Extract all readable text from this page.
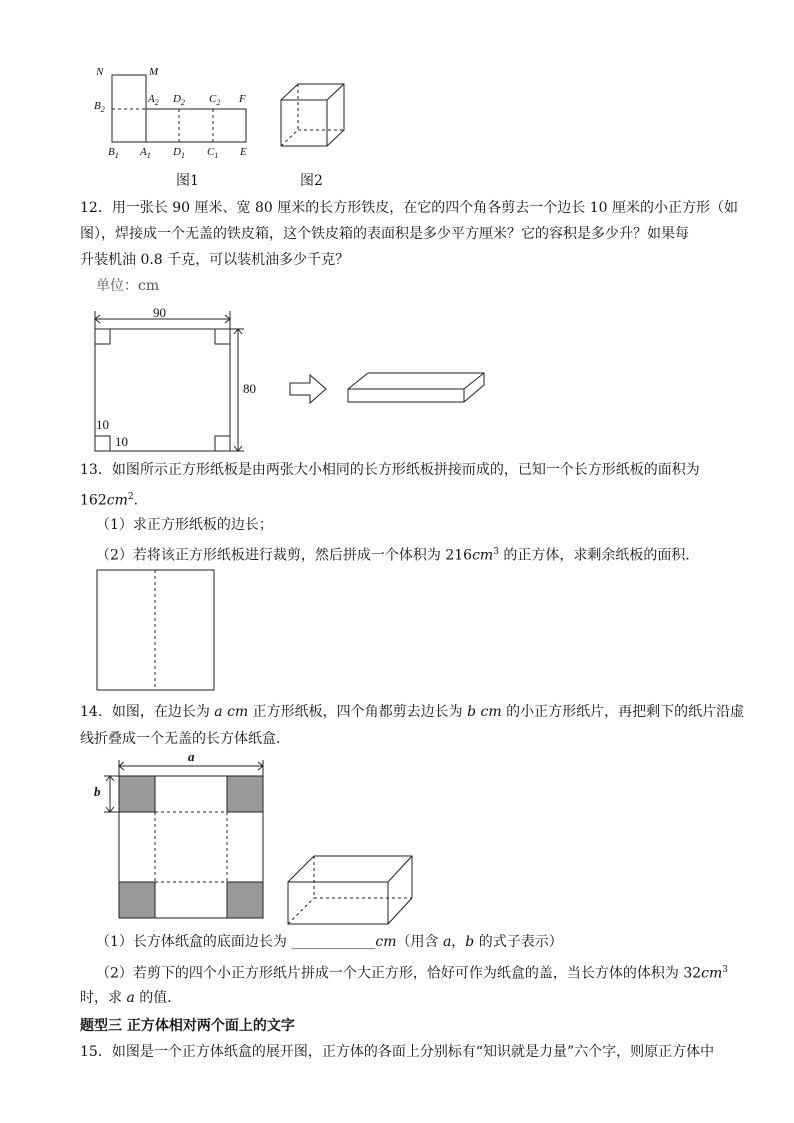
N	M
$B_2$
$A_2$ $D_2$ $C_2$ F
$B_1$ $A_1$ $D_1$ $C_1$ E
图1	图2
12．用一张长 90 厘米、宽 80 厘米的长方形铁皮，在它的四个角各剪去一个边长 10 厘米的小正方形（如
图），焊接成一个无盖的铁皮箱，这个铁皮箱的表面积是多少平方厘米？它的容积是多少升？如果每
升装机油 0.8 千克，可以装机油多少千克？
单位：cm
90
80
10
10
13．如图所示正方形纸板是由两张大小相同的长方形纸板拼接而成的，已知一个长方形纸板的面积为
$162cm^2$.
（1）求正方形纸板的边长；
（2）若将该正方形纸板进行裁剪，然后拼成一个体积为 $216cm^3$ 的正方体，求剩余纸板的面积．
14．如图，在边长为 a cm 正方形纸板，四个角都剪去边长为 b cm 的小正方形纸片，再把剩下的纸片沿虚
线折叠成一个无盖的长方体纸盒．
a
b
（1）长方体纸盒的底面边长为 ____________cm（用含 a，b 的式子表示）
（2）若剪下的四个小正方形纸片拼成一个大正方形，恰好可作为纸盒的盖，当长方体的体积为 $32cm^3$
时，求 a 的值．
题型三 正方体相对两个面上的文字
15．如图是一个正方体纸盒的展开图，正方体的各面上分别标有“知识就是力量”六个字，则原正方体中
